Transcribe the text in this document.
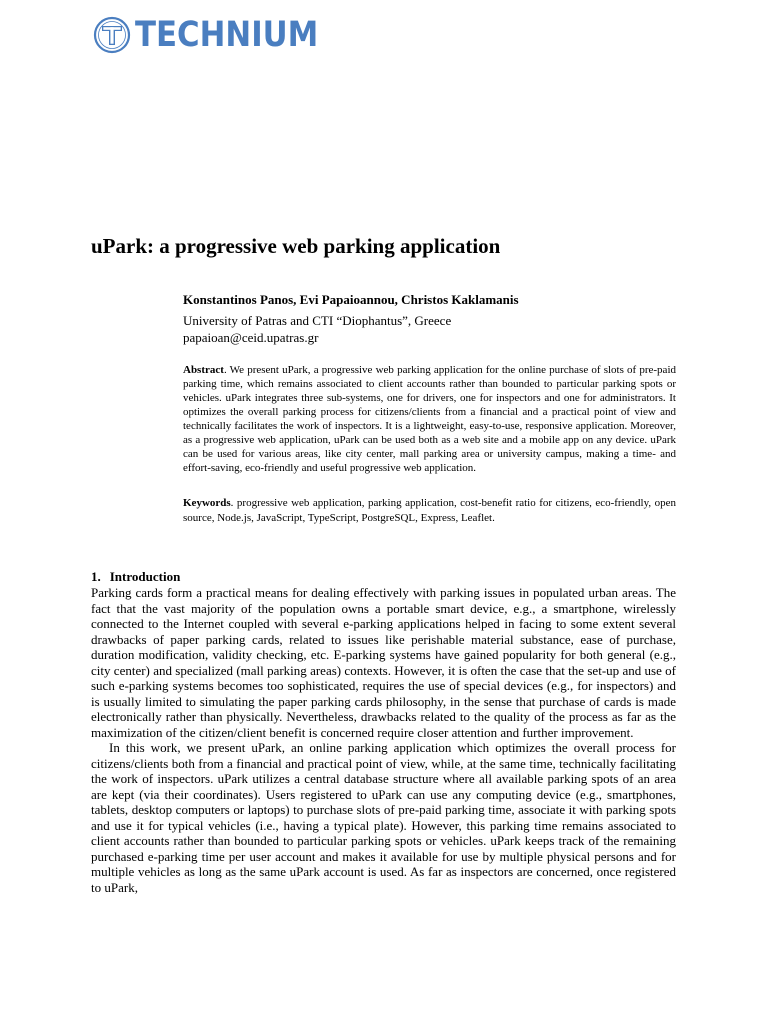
TECHNIUM
uPark: a progressive web parking application

Konstantinos Panos, Evi Papaioannou, Christos Kaklamanis

University of Patras and CTI “Diophantus”, Greece

papaioan@ceid.upatras.gr

Abstract. We present uPark, a progressive web parking application for the online purchase of slots of pre-paid parking time, which remains associated to client accounts rather than bounded to particular parking spots or vehicles. uPark integrates three sub-systems, one for drivers, one for inspectors and one for administrators. It optimizes the overall parking process for citizens/clients from a financial and a practical point of view and technically facilitates the work of inspectors. It is a lightweight, easy-to-use, responsive application. Moreover, as a progressive web application, uPark can be used both as a web site and a mobile app on any device. uPark can be used for various areas, like city center, mall parking area or university campus, making a time- and effort-saving, eco-friendly and useful progressive web application.

Keywords. progressive web application, parking application, cost-benefit ratio for citizens, eco-friendly, open source, Node.js, JavaScript, TypeScript, PostgreSQL, Express, Leaflet.

1. Introduction

Parking cards form a practical means for dealing effectively with parking issues in populated urban areas. The fact that the vast majority of the population owns a portable smart device, e.g., a smartphone, wirelessly connected to the Internet coupled with several e-parking applications helped in facing to some extent several drawbacks of paper parking cards, related to issues like perishable material substance, ease of purchase, duration modification, validity checking, etc. E-parking systems have gained popularity for both general (e.g., city center) and specialized (mall parking areas) contexts. However, it is often the case that the set-up and use of such e-parking systems becomes too sophisticated, requires the use of special devices (e.g., for inspectors) and is usually limited to simulating the paper parking cards philosophy, in the sense that purchase of cards is made electronically rather than physically. Nevertheless, drawbacks related to the quality of the process as far as the maximization of the citizen/client benefit is concerned require closer attention and further improvement.

In this work, we present uPark, an online parking application which optimizes the overall process for citizens/clients both from a financial and practical point of view, while, at the same time, technically facilitating the work of inspectors. uPark utilizes a central database structure where all available parking spots of an area are kept (via their coordinates). Users registered to uPark can use any computing device (e.g., smartphones, tablets, desktop computers or laptops) to purchase slots of pre-paid parking time, associate it with parking spots and use it for typical vehicles (i.e., having a typical plate). However, this parking time remains associated to client accounts rather than bounded to particular parking spots or vehicles. uPark keeps track of the remaining purchased e-parking time per user account and makes it available for use by multiple physical persons and for multiple vehicles as long as the same uPark account is used. As far as inspectors are concerned, once registered to uPark,
